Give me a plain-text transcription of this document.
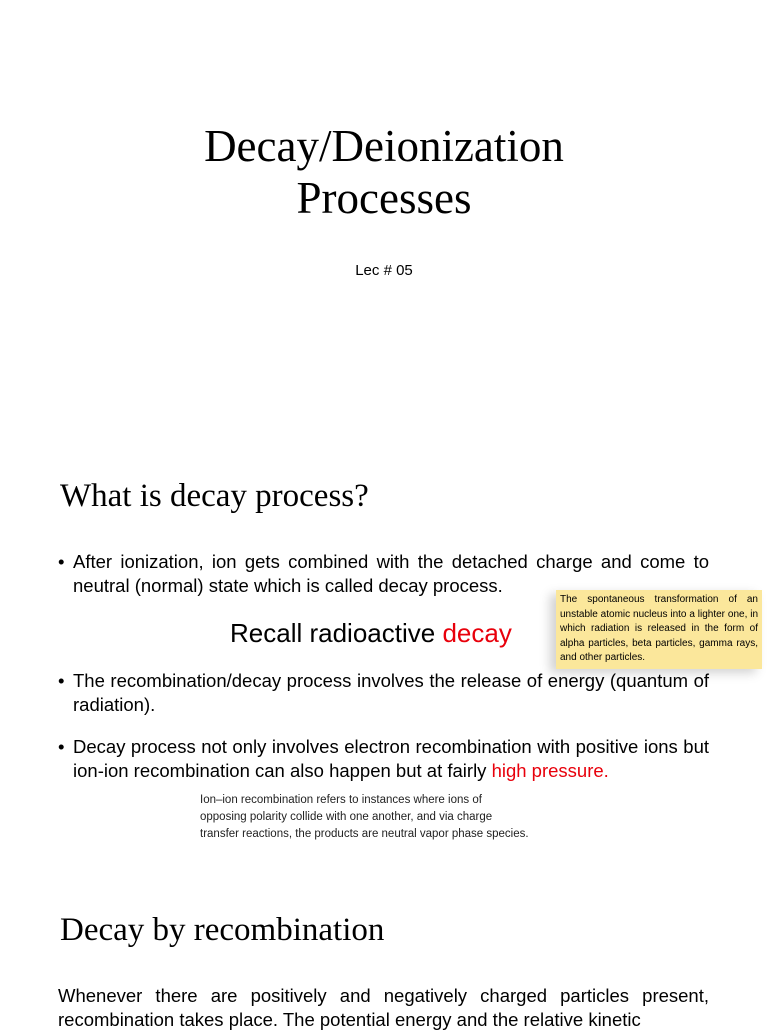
Decay/Deionization
Processes
Lec # 05
What is decay process?
• After ionization, ion gets combined with the detached charge and come to neutral (normal) state which is called decay process.
Recall radioactive decay
The spontaneous transformation of an unstable atomic nucleus into a lighter one, in which radiation is released in the form of alpha particles, beta particles, gamma rays, and other particles.
• The recombination/decay process involves the release of energy (quantum of radiation).
• Decay process not only involves electron recombination with positive ions but ion-ion recombination can also happen but at fairly high pressure.
Ion–ion recombination refers to instances where ions of
opposing polarity collide with one another, and via charge
transfer reactions, the products are neutral vapor phase species.
Decay by recombination
Whenever there are positively and negatively charged particles present, recombination takes place. The potential energy and the relative kinetic
